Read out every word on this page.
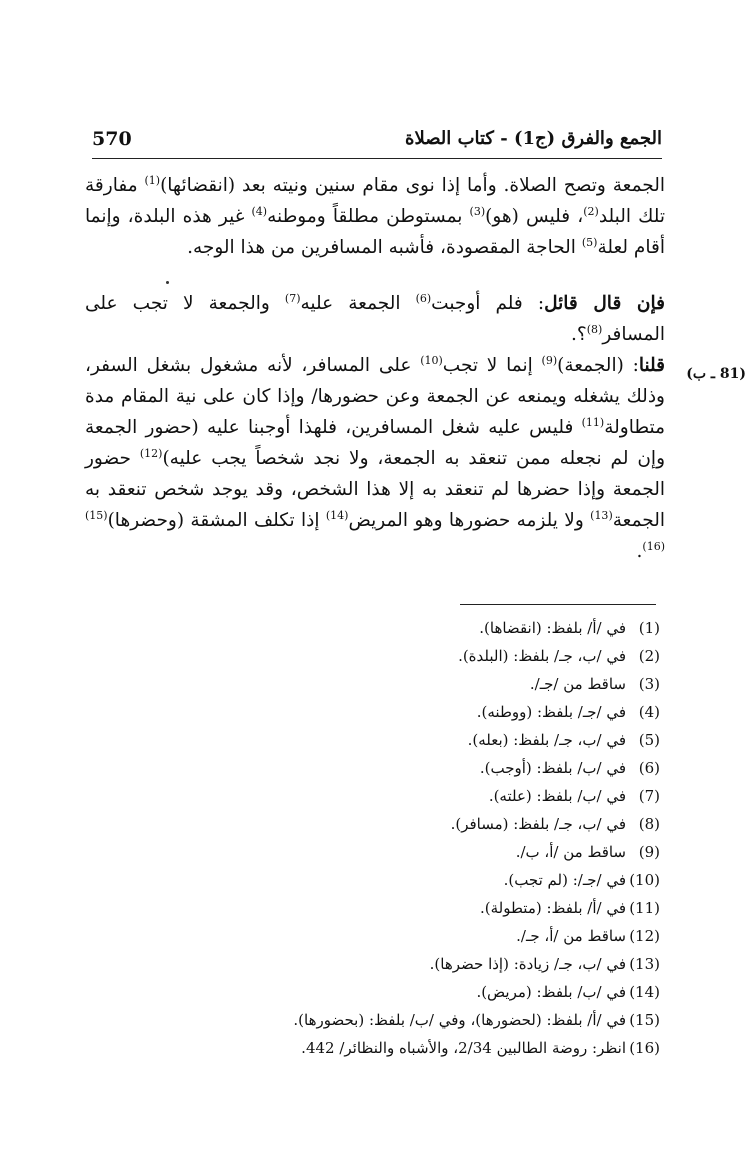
الجمع والفرق (ج1) - كتاب الصلاة
570

الجمعة وتصح الصلاة. وأما إذا نوى مقام سنين ونيته بعد (انقضائها)$^{(1)}$ مفارقة تلك البلد$^{(2)}$، فليس (هو)$^{(3)}$ بمستوطن مطلقاً وموطنه$^{(4)}$ غير هذه البلدة، وإنما أقام لعلة$^{(5)}$ الحاجة المقصودة، فأشبه المسافرين من هذا الوجه.

فإن قال قائل: فلم أوجبت$^{(6)}$ الجمعة عليه$^{(7)}$ والجمعة لا تجب على المسافر$^{(8)}$؟.

قلنا: (الجمعة)$^{(9)}$ إنما لا تجب$^{(10)}$ على المسافر، لأنه مشغول بشغل السفر، وذلك يشغله ويمنعه عن الجمعة وعن حضورها/ وإذا كان على نية المقام مدة متطاولة$^{(11)}$ فليس عليه شغل المسافرين، فلهذا أوجبنا عليه (حضور الجمعة وإن لم نجعله ممن تنعقد به الجمعة، ولا نجد شخصاً يجب عليه)$^{(12)}$ حضور الجمعة وإذا حضرها لم تنعقد به إلا هذا الشخص، وقد يوجد شخص تنعقد به الجمعة$^{(13)}$ ولا يلزمه حضورها وهو المريض$^{(14)}$ إذا تكلف المشقة (وحضرها)$^{(15)}$ $^{(16)}$.

(81 ـ ب)
(1)في /أ/ بلفظ: (انقضاها).
(2)في /ب، جـ/ بلفظ: (البلدة).
(3)ساقط من /جـ/.
(4)في /جـ/ بلفظ: (ووطنه).
(5)في /ب، جـ/ بلفظ: (بعله).
(6)في /ب/ بلفظ: (أوجب).
(7)في /ب/ بلفظ: (علته).
(8)في /ب، جـ/ بلفظ: (مسافر).
(9)ساقط من /أ، ب/.
(10)في /جـ/: (لم تجب).
(11)في /أ/ بلفظ: (متطولة).
(12)ساقط من /أ، جـ/.
(13)في /ب، جـ/ زيادة: (إذا حضرها).
(14)في /ب/ بلفظ: (مريض).
(15)في /أ/ بلفظ: (لحضورها)، وفي /ب/ بلفظ: (بحضورها).
(16)انظر: روضة الطالبين 2/34، والأشباه والنظائر/ 442.
